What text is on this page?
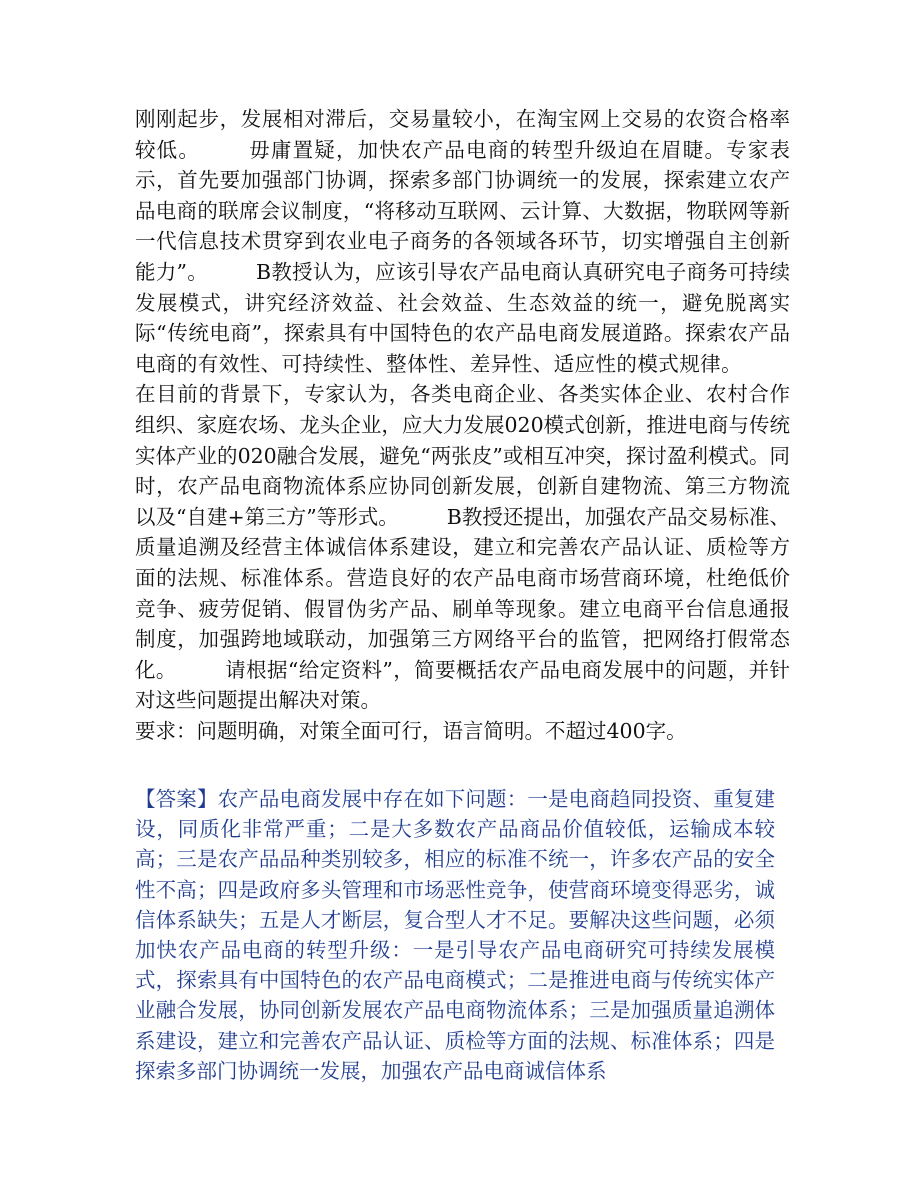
刚刚起步，发展相对滞后，交易量较小，在淘宝网上交易的农资合格率较低。 毋庸置疑，加快农产品电商的转型升级迫在眉睫。专家表示，首先要加强部门协调，探索多部门协调统一的发展，探索建立农产品电商的联席会议制度，“将移动互联网、云计算、大数据，物联网等新一代信息技术贯穿到农业电子商务的各领域各环节，切实增强自主创新能力”。 B教授认为，应该引导农产品电商认真研究电子商务可持续发展模式，讲究经济效益、社会效益、生态效益的统一，避免脱离实际“传统电商”，探索具有中国特色的农产品电商发展道路。探索农产品电商的有效性、可持续性、整体性、差异性、适应性的模式规律。在目前的背景下，专家认为，各类电商企业、各类实体企业、农村合作组织、家庭农场、龙头企业，应大力发展020模式创新，推进电商与传统实体产业的020融合发展，避免“两张皮”或相互冲突，探讨盈利模式。同时，农产品电商物流体系应协同创新发展，创新自建物流、第三方物流以及“自建+第三方”等形式。 B教授还提出，加强农产品交易标准、质量追溯及经营主体诚信体系建设，建立和完善农产品认证、质检等方面的法规、标准体系。营造良好的农产品电商市场营商环境，杜绝低价竞争、疲劳促销、假冒伪劣产品、刷单等现象。建立电商平台信息通报制度，加强跨地域联动，加强第三方网络平台的监管，把网络打假常态化。 请根据“给定资料”，简要概括农产品电商发展中的问题，并针对这些问题提出解决对策。
要求：问题明确，对策全面可行，语言简明。不超过400字。

【答案】农产品电商发展中存在如下问题：一是电商趋同投资、重复建设，同质化非常严重；二是大多数农产品商品价值较低，运输成本较高；三是农产品品种类别较多，相应的标准不统一，许多农产品的安全性不高；四是政府多头管理和市场恶性竞争，使营商环境变得恶劣，诚信体系缺失；五是人才断层，复合型人才不足。要解决这些问题，必须加快农产品电商的转型升级：一是引导农产品电商研究可持续发展模式，探索具有中国特色的农产品电商模式；二是推进电商与传统实体产业融合发展，协同创新发展农产品电商物流体系；三是加强质量追溯体系建设，建立和完善农产品认证、质检等方面的法规、标准体系；四是探索多部门协调统一发展，加强农产品电商诚信体系
